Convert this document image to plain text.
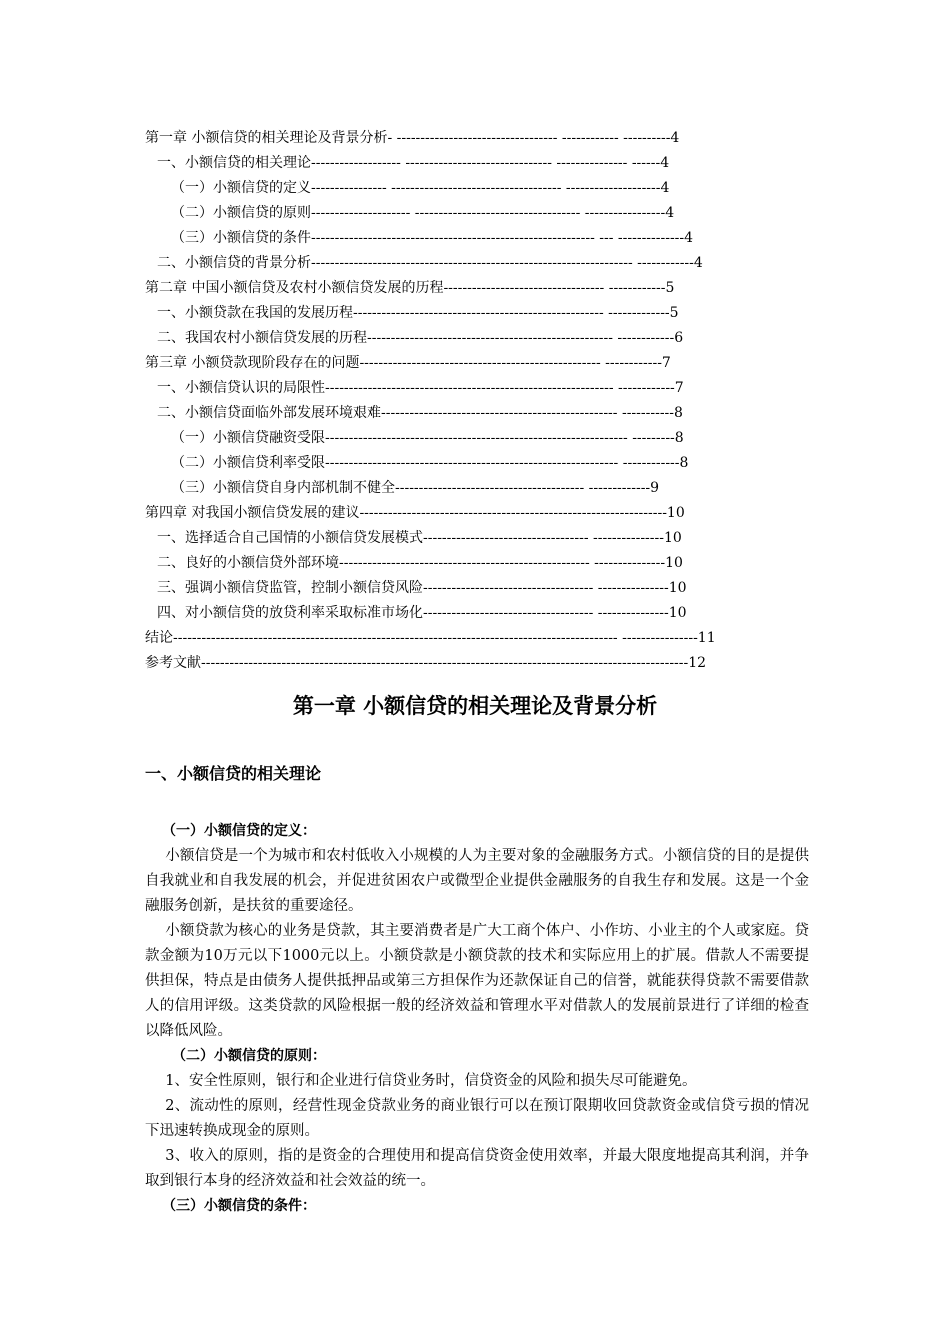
第一章 小额信贷的相关理论及背景分析- ---------------------------------- ------------ ----------4
一、小额信贷的相关理论------------------- ------------------------------- --------------- ------4
（一）小额信贷的定义---------------- ------------------------------------ --------------------4
（二）小额信贷的原则--------------------- ----------------------------------- -----------------4
（三）小额信贷的条件------------------------------------------------------------ --- --------------4
二、小额信贷的背景分析-------------------------------------------------------------------- ------------4
第二章 中国小额信贷及农村小额信贷发展的历程---------------------------------- ------------5
一、小额贷款在我国的发展历程----------------------------------------------------- -------------5
二、我国农村小额信贷发展的历程---------------------------------------------------- ------------6
第三章 小额贷款现阶段存在的问题--------------------------------------------------- ------------7
一、小额信贷认识的局限性------------------------------------------------------------- ------------7
二、小额信贷面临外部发展环境艰难-------------------------------------------------- -----------8
（一）小额信贷融资受限---------------------------------------------------------------- ---------8
（二）小额信贷利率受限-------------------------------------------------------------- ------------8
（三）小额信贷自身内部机制不健全---------------------------------------- -------------9
第四章 对我国小额信贷发展的建议-----------------------------------------------------------------10
一、选择适合自己国情的小额信贷发展模式----------------------------------- ---------------10
二、良好的小额信贷外部环境----------------------------------------------------- ---------------10
三、强调小额信贷监管，控制小额信贷风险------------------------------------ ---------------10
四、对小额信贷的放贷利率采取标准市场化------------------------------------ ---------------10
结论---------------------------------------------------------------------------------------------- ----------------11
参考文献-------------------------------------------------------------------------------------------------------12
第一章 小额信贷的相关理论及背景分析
一、小额信贷的相关理论
（一）小额信贷的定义：

小额信贷是一个为城市和农村低收入小规模的人为主要对象的金融服务方式。小额信贷的目的是提供自我就业和自我发展的机会，并促进贫困农户或微型企业提供金融服务的自我生存和发展。这是一个金融服务创新，是扶贫的重要途径。

小额贷款为核心的业务是贷款，其主要消费者是广大工商个体户、小作坊、小业主的个人或家庭。贷款金额为10万元以下1000元以上。小额贷款是小额贷款的技术和实际应用上的扩展。借款人不需要提供担保，特点是由债务人提供抵押品或第三方担保作为还款保证自己的信誉，就能获得贷款不需要借款人的信用评级。这类贷款的风险根据一般的经济效益和管理水平对借款人的发展前景进行了详细的检查以降低风险。

（二）小额信贷的原则：

1、安全性原则，银行和企业进行信贷业务时，信贷资金的风险和损失尽可能避免。

2、流动性的原则，经营性现金贷款业务的商业银行可以在预订限期收回贷款资金或信贷亏损的情况下迅速转换成现金的原则。

3、收入的原则，指的是资金的合理使用和提高信贷资金使用效率，并最大限度地提高其利润，并争取到银行本身的经济效益和社会效益的统一。

（三）小额信贷的条件：
